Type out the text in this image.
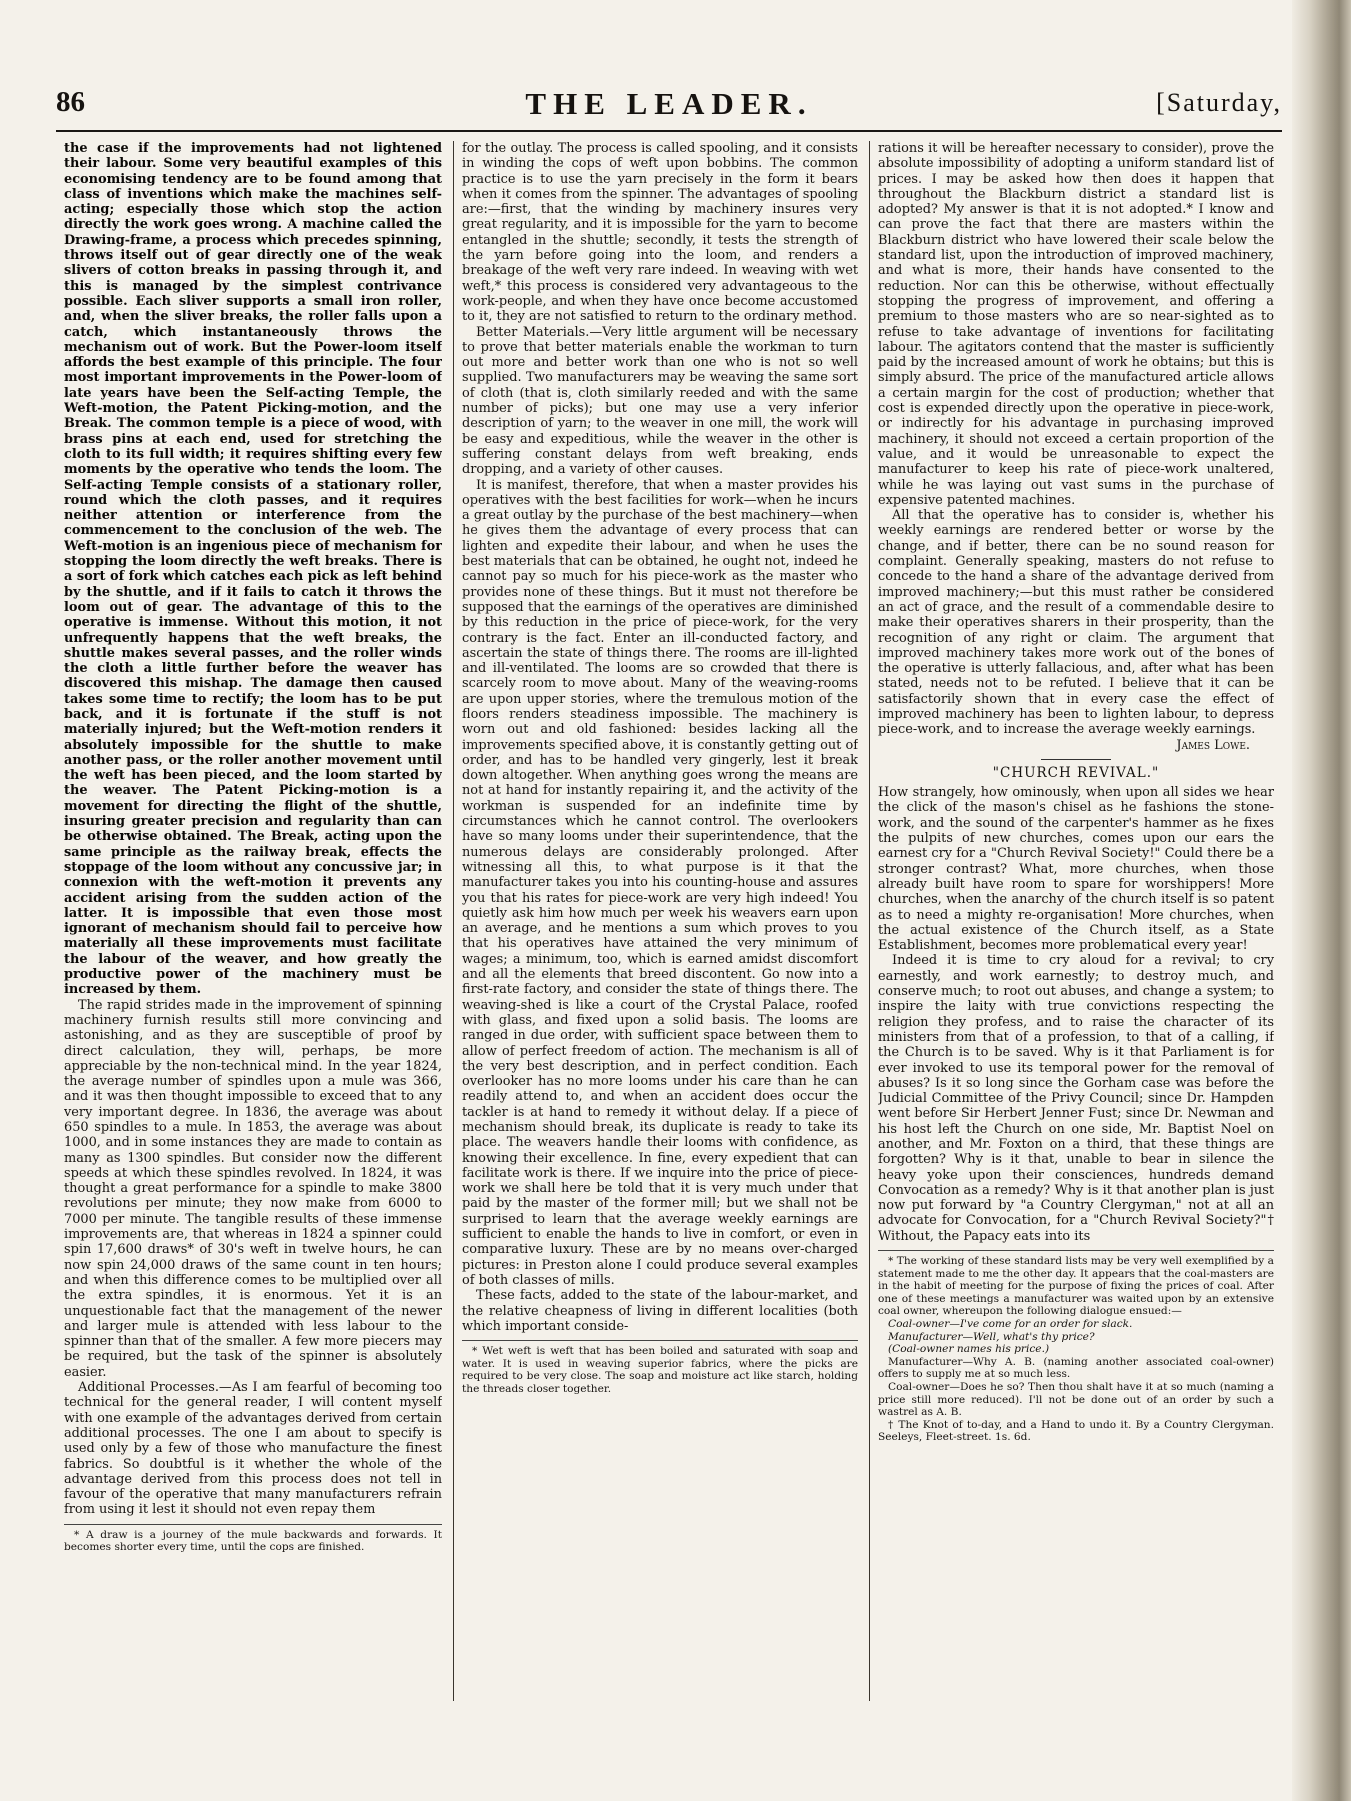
86	THE LEADER.	[Saturday,

the case if the improvements had not lightened their labour. Some very beautiful examples of this economising tendency are to be found among that class of inventions which make the machines self-acting; especially those which stop the action directly the work goes wrong. A machine called the Drawing-frame, a process which precedes spinning, throws itself out of gear directly one of the weak slivers of cotton breaks in passing through it, and this is managed by the simplest contrivance possible. Each sliver supports a small iron roller, and, when the sliver breaks, the roller falls upon a catch, which instantaneously throws the mechanism out of work. But the Power-loom itself affords the best example of this principle. The four most important improvements in the Power-loom of late years have been the Self-acting Temple, the Weft-motion, the Patent Picking-motion, and the Break. The common temple is a piece of wood, with brass pins at each end, used for stretching the cloth to its full width; it requires shifting every few moments by the operative who tends the loom. The Self-acting Temple consists of a stationary roller, round which the cloth passes, and it requires neither attention or interference from the commencement to the conclusion of the web. The Weft-motion is an ingenious piece of mechanism for stopping the loom directly the weft breaks. There is a sort of fork which catches each pick as left behind by the shuttle, and if it fails to catch it throws the loom out of gear. The advantage of this to the operative is immense. Without this motion, it not unfrequently happens that the weft breaks, the shuttle makes several passes, and the roller winds the cloth a little further before the weaver has discovered this mishap. The damage then caused takes some time to rectify; the loom has to be put back, and it is fortunate if the stuff is not materially injured; but the Weft-motion renders it absolutely impossible for the shuttle to make another pass, or the roller another movement until the weft has been pieced, and the loom started by the weaver. The Patent Picking-motion is a movement for directing the flight of the shuttle, insuring greater precision and regularity than can be otherwise obtained. The Break, acting upon the same principle as the railway break, effects the stoppage of the loom without any concussive jar; in connexion with the weft-motion it prevents any accident arising from the sudden action of the latter. It is impossible that even those most ignorant of mechanism should fail to perceive how materially all these improvements must facilitate the labour of the weaver, and how greatly the productive power of the machinery must be increased by them.

The rapid strides made in the improvement of spinning machinery furnish results still more convincing and astonishing, and as they are susceptible of proof by direct calculation, they will, perhaps, be more appreciable by the non-technical mind. In the year 1824, the average number of spindles upon a mule was 366, and it was then thought impossible to exceed that to any very important degree. In 1836, the average was about 650 spindles to a mule. In 1853, the average was about 1000, and in some instances they are made to contain as many as 1300 spindles. But consider now the different speeds at which these spindles revolved. In 1824, it was thought a great performance for a spindle to make 3800 revolutions per minute; they now make from 6000 to 7000 per minute. The tangible results of these immense improvements are, that whereas in 1824 a spinner could spin 17,600 draws* of 30's weft in twelve hours, he can now spin 24,000 draws of the same count in ten hours; and when this difference comes to be multiplied over all the extra spindles, it is enormous. Yet it is an unquestionable fact that the management of the newer and larger mule is attended with less labour to the spinner than that of the smaller. A few more piecers may be required, but the task of the spinner is absolutely easier.

Additional Processes.—As I am fearful of becoming too technical for the general reader, I will content myself with one example of the advantages derived from certain additional processes. The one I am about to specify is used only by a few of those who manufacture the finest fabrics. So doubtful is it whether the whole of the advantage derived from this process does not tell in favour of the operative that many manufacturers refrain from using it lest it should not even repay them

* A draw is a journey of the mule backwards and forwards. It becomes shorter every time, until the cops are finished.

for the outlay. The process is called spooling, and it consists in winding the cops of weft upon bobbins. The common practice is to use the yarn precisely in the form it bears when it comes from the spinner. The advantages of spooling are:—first, that the winding by machinery insures very great regularity, and it is impossible for the yarn to become entangled in the shuttle; secondly, it tests the strength of the yarn before going into the loom, and renders a breakage of the weft very rare indeed. In weaving with wet weft,* this process is considered very advantageous to the work-people, and when they have once become accustomed to it, they are not satisfied to return to the ordinary method.

Better Materials.—Very little argument will be necessary to prove that better materials enable the workman to turn out more and better work than one who is not so well supplied. Two manufacturers may be weaving the same sort of cloth (that is, cloth similarly reeded and with the same number of picks); but one may use a very inferior description of yarn; to the weaver in one mill, the work will be easy and expeditious, while the weaver in the other is suffering constant delays from weft breaking, ends dropping, and a variety of other causes.

It is manifest, therefore, that when a master provides his operatives with the best facilities for work—when he incurs a great outlay by the purchase of the best machinery—when he gives them the advantage of every process that can lighten and expedite their labour, and when he uses the best materials that can be obtained, he ought not, indeed he cannot pay so much for his piece-work as the master who provides none of these things. But it must not therefore be supposed that the earnings of the operatives are diminished by this reduction in the price of piece-work, for the very contrary is the fact. Enter an ill-conducted factory, and ascertain the state of things there. The rooms are ill-lighted and ill-ventilated. The looms are so crowded that there is scarcely room to move about. Many of the weaving-rooms are upon upper stories, where the tremulous motion of the floors renders steadiness impossible. The machinery is worn out and old fashioned: besides lacking all the improvements specified above, it is constantly getting out of order, and has to be handled very gingerly, lest it break down altogether. When anything goes wrong the means are not at hand for instantly repairing it, and the activity of the workman is suspended for an indefinite time by circumstances which he cannot control. The overlookers have so many looms under their superintendence, that the numerous delays are considerably prolonged. After witnessing all this, to what purpose is it that the manufacturer takes you into his counting-house and assures you that his rates for piece-work are very high indeed! You quietly ask him how much per week his weavers earn upon an average, and he mentions a sum which proves to you that his operatives have attained the very minimum of wages; a minimum, too, which is earned amidst discomfort and all the elements that breed discontent. Go now into a first-rate factory, and consider the state of things there. The weaving-shed is like a court of the Crystal Palace, roofed with glass, and fixed upon a solid basis. The looms are ranged in due order, with sufficient space between them to allow of perfect freedom of action. The mechanism is all of the very best description, and in perfect condition. Each overlooker has no more looms under his care than he can readily attend to, and when an accident does occur the tackler is at hand to remedy it without delay. If a piece of mechanism should break, its duplicate is ready to take its place. The weavers handle their looms with confidence, as knowing their excellence. In fine, every expedient that can facilitate work is there. If we inquire into the price of piece-work we shall here be told that it is very much under that paid by the master of the former mill; but we shall not be surprised to learn that the average weekly earnings are sufficient to enable the hands to live in comfort, or even in comparative luxury. These are by no means over-charged pictures: in Preston alone I could produce several examples of both classes of mills.

These facts, added to the state of the labour-market, and the relative cheapness of living in different localities (both which important conside-

* Wet weft is weft that has been boiled and saturated with soap and water. It is used in weaving superior fabrics, where the picks are required to be very close. The soap and moisture act like starch, holding the threads closer together.

rations it will be hereafter necessary to consider), prove the absolute impossibility of adopting a uniform standard list of prices. I may be asked how then does it happen that throughout the Blackburn district a standard list is adopted? My answer is that it is not adopted.* I know and can prove the fact that there are masters within the Blackburn district who have lowered their scale below the standard list, upon the introduction of improved machinery, and what is more, their hands have consented to the reduction. Nor can this be otherwise, without effectually stopping the progress of improvement, and offering a premium to those masters who are so near-sighted as to refuse to take advantage of inventions for facilitating labour. The agitators contend that the master is sufficiently paid by the increased amount of work he obtains; but this is simply absurd. The price of the manufactured article allows a certain margin for the cost of production; whether that cost is expended directly upon the operative in piece-work, or indirectly for his advantage in purchasing improved machinery, it should not exceed a certain proportion of the value, and it would be unreasonable to expect the manufacturer to keep his rate of piece-work unaltered, while he was laying out vast sums in the purchase of expensive patented machines.

All that the operative has to consider is, whether his weekly earnings are rendered better or worse by the change, and if better, there can be no sound reason for complaint. Generally speaking, masters do not refuse to concede to the hand a share of the advantage derived from improved machinery;—but this must rather be considered an act of grace, and the result of a commendable desire to make their operatives sharers in their prosperity, than the recognition of any right or claim. The argument that improved machinery takes more work out of the bones of the operative is utterly fallacious, and, after what has been stated, needs not to be refuted. I believe that it can be satisfactorily shown that in every case the effect of improved machinery has been to lighten labour, to depress piece-work, and to increase the average weekly earnings.

James Lowe.

"CHURCH REVIVAL."

How strangely, how ominously, when upon all sides we hear the click of the mason's chisel as he fashions the stone-work, and the sound of the carpenter's hammer as he fixes the pulpits of new churches, comes upon our ears the earnest cry for a "Church Revival Society!" Could there be a stronger contrast? What, more churches, when those already built have room to spare for worshippers! More churches, when the anarchy of the church itself is so patent as to need a mighty re-organisation! More churches, when the actual existence of the Church itself, as a State Establishment, becomes more problematical every year!

Indeed it is time to cry aloud for a revival; to cry earnestly, and work earnestly; to destroy much, and conserve much; to root out abuses, and change a system; to inspire the laity with true convictions respecting the religion they profess, and to raise the character of its ministers from that of a profession, to that of a calling, if the Church is to be saved. Why is it that Parliament is for ever invoked to use its temporal power for the removal of abuses? Is it so long since the Gorham case was before the Judicial Committee of the Privy Council; since Dr. Hampden went before Sir Herbert Jenner Fust; since Dr. Newman and his host left the Church on one side, Mr. Baptist Noel on another, and Mr. Foxton on a third, that these things are forgotten? Why is it that, unable to bear in silence the heavy yoke upon their consciences, hundreds demand Convocation as a remedy? Why is it that another plan is just now put forward by "a Country Clergyman," not at all an advocate for Convocation, for a "Church Revival Society?"† Without, the Papacy eats into its

* The working of these standard lists may be very well exemplified by a statement made to me the other day. It appears that the coal-masters are in the habit of meeting for the purpose of fixing the prices of coal. After one of these meetings a manufacturer was waited upon by an extensive coal owner, whereupon the following dialogue ensued:—

Coal-owner—I've come for an order for slack.

Manufacturer—Well, what's thy price?

(Coal-owner names his price.)

Manufacturer—Why A. B. (naming another associated coal-owner) offers to supply me at so much less.

Coal-owner—Does he so? Then thou shalt have it at so much (naming a price still more reduced). I'll not be done out of an order by such a wastrel as A. B.

† The Knot of to-day, and a Hand to undo it. By a Country Clergyman. Seeleys, Fleet-street. 1s. 6d.
